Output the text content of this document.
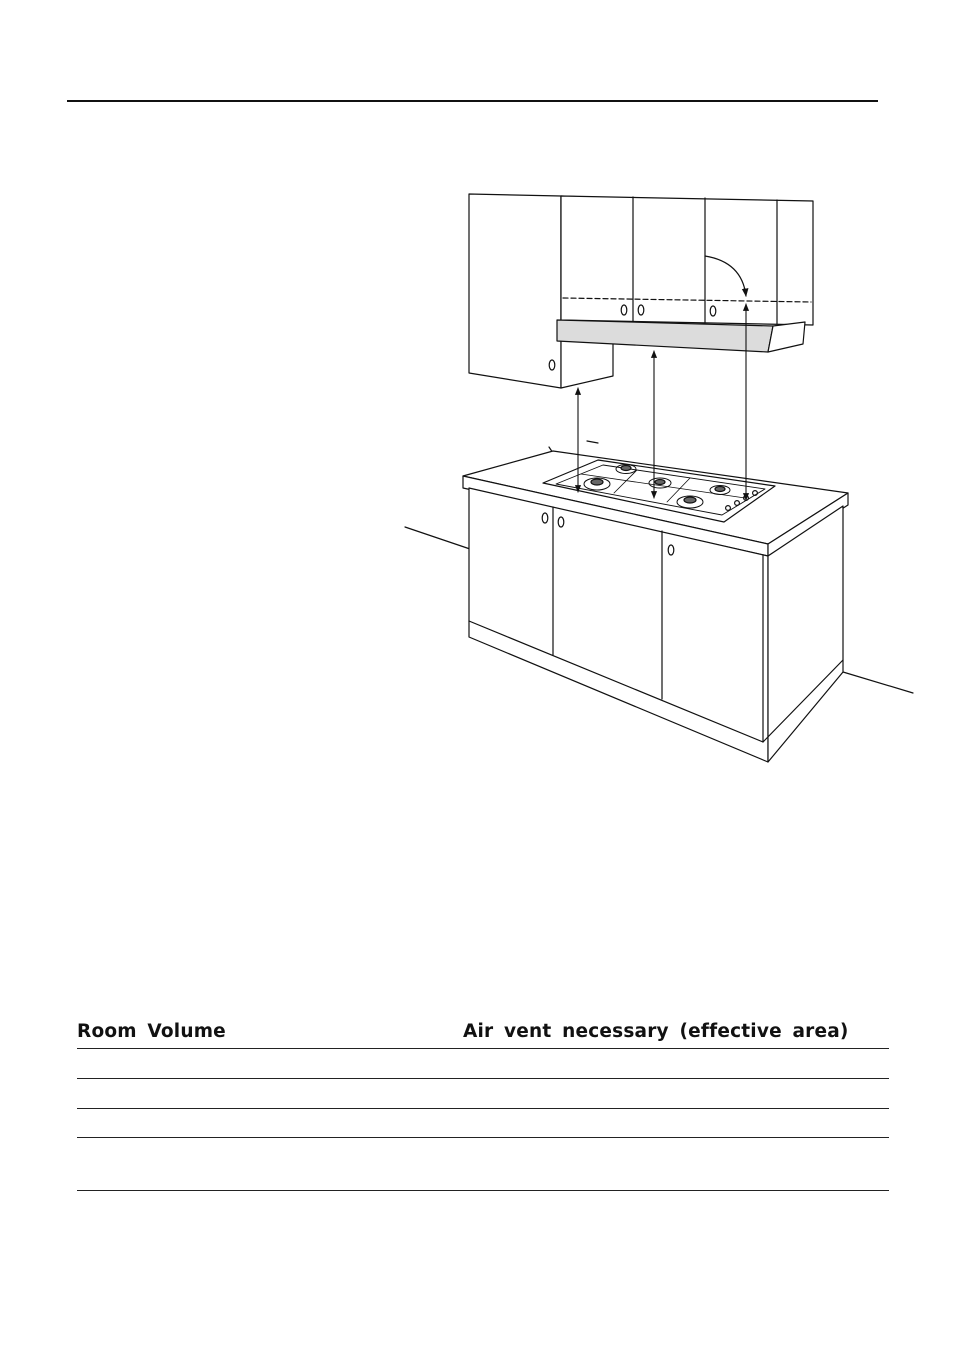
Room Volume	Air vent necessary (effective area)
